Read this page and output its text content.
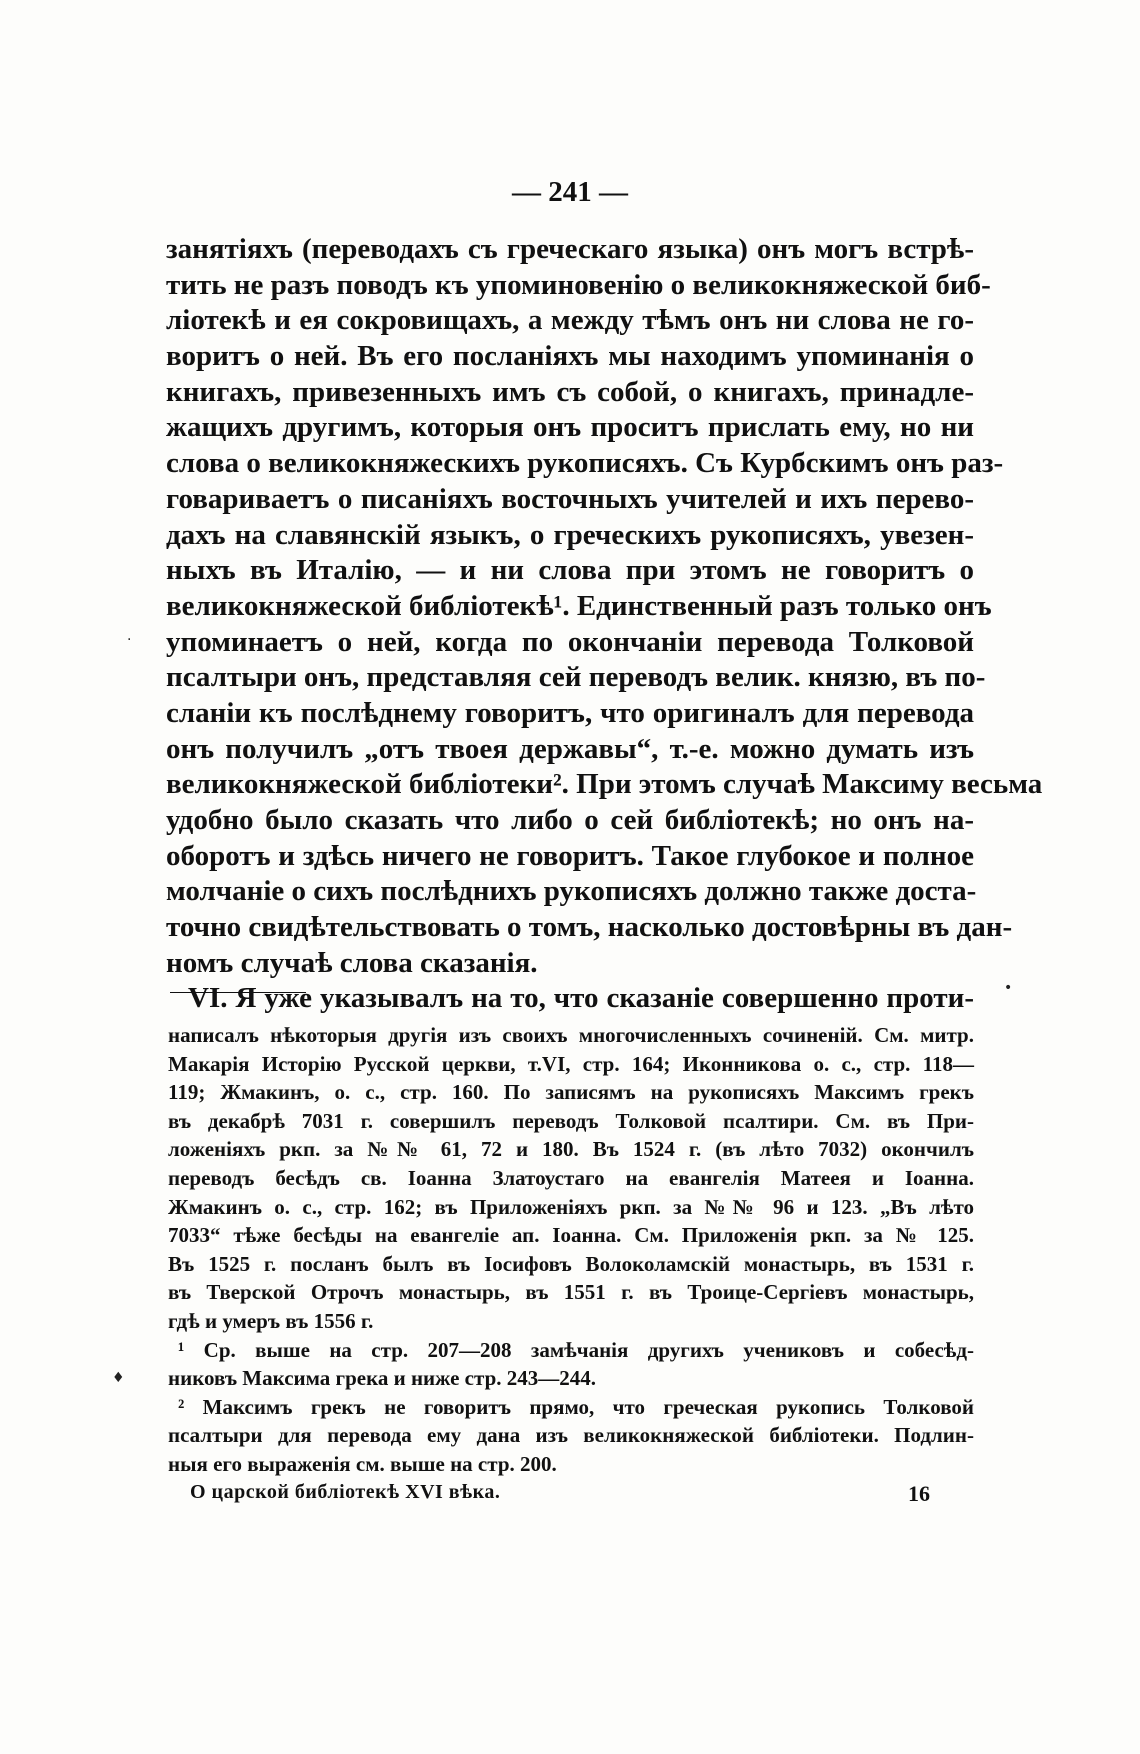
— 241 —
занятіяхъ (переводахъ съ греческаго языка) онъ могъ встрѣ-
тить не разъ поводъ къ упоминовенію о великокняжеской биб-
ліотекѣ и ея сокровищахъ, а между тѣмъ онъ ни слова не го-
воритъ о ней. Въ его посланіяхъ мы находимъ упоминанія о
книгахъ, привезенныхъ имъ съ собой, о книгахъ, принадле-
жащихъ другимъ, которыя онъ проситъ прислать ему, но ни
слова о великокняжескихъ рукописяхъ. Съ Курбскимъ онъ раз-
говариваетъ о писаніяхъ восточныхъ учителей и ихъ перево-
дахъ на славянскій языкъ, о греческихъ рукописяхъ, увезен-
ныхъ въ Италію, — и ни слова при этомъ не говоритъ о
великокняжеской библіотекѣ¹. Единственный разъ только онъ
упоминаетъ о ней, когда по окончаніи перевода Толковой
псалтыри онъ, представляя сей переводъ велик. князю, въ по-
сланіи къ послѣднему говоритъ, что оригиналъ для перевода
онъ получилъ „отъ твоея державы“, т.-е. можно думать изъ
великокняжеской библіотеки². При этомъ случаѣ Максиму весьма
удобно было сказать что либо о сей библіотекѣ; но онъ на-
оборотъ и здѣсь ничего не говоритъ. Такое глубокое и полное
молчаніе о сихъ послѣднихъ рукописяхъ должно также доста-
точно свидѣтельствовать о томъ, насколько достовѣрны въ дан-
номъ случаѣ слова сказанія.
VI. Я уже указывалъ на то, что сказаніе совершенно проти-
написалъ нѣкоторыя другія изъ своихъ многочисленныхъ сочиненій. См. митр.
Макарія Исторію Русской церкви, т.VI, стр. 164; Иконникова о. с., стр. 118—
119; Жмакинъ, о. с., стр. 160. По записямъ на рукописяхъ Максимъ грекъ
въ декабрѣ 7031 г. совершилъ переводъ Толковой псалтири. См. въ При-
ложеніяхъ ркп. за №№ 61, 72 и 180. Въ 1524 г. (въ лѣто 7032) окончилъ
переводъ бесѣдъ св. Іоанна Златоустаго на евангелія Матеея и Іоанна.
Жмакинъ о. с., стр. 162; въ Приложеніяхъ ркп. за №№ 96 и 123. „Въ лѣто
7033“ тѣже бесѣды на евангеліе ап. Іоанна. См. Приложенія ркп. за № 125.
Въ 1525 г. посланъ былъ въ Іосифовъ Волоколамскій монастырь, въ 1531 г.
въ Тверской Отрочъ монастырь, въ 1551 г. въ Троице-Сергіевъ монастырь,
гдѣ и умеръ въ 1556 г.
¹ Ср. выше на стр. 207—208 замѣчанія другихъ учениковъ и собесѣд-
никовъ Максима грека и ниже стр. 243—244.
² Максимъ грекъ не говоритъ прямо, что греческая рукопись Толковой
псалтыри для перевода ему дана изъ великокняжеской библіотеки. Подлин-
ныя его выраженія см. выше на стр. 200.
О царской библіотекѣ XVI вѣка.	16
·
•
♦
